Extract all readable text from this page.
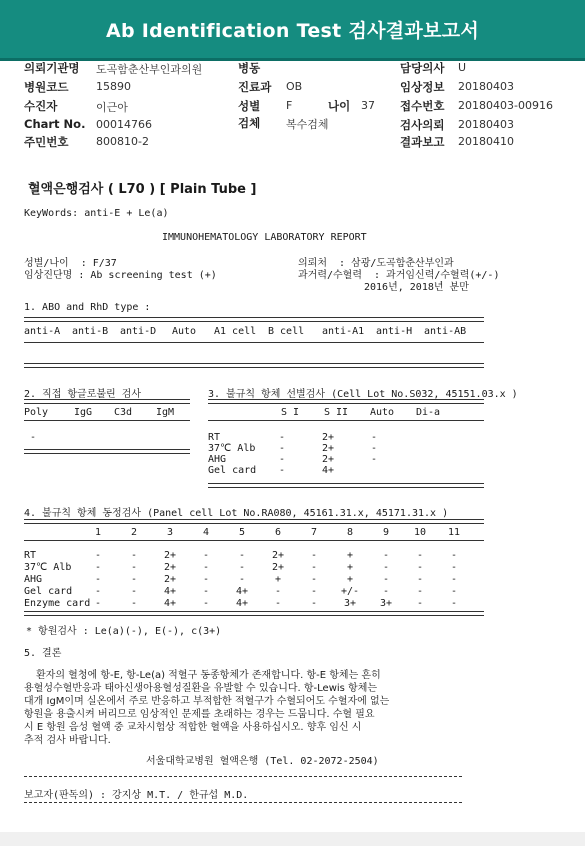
Ab Identification Test 검사결과보고서
의뢰기관명 도곡함춘산부인과의원
병원코드	15890
수진자	이근아
Chart No. 00014766
주민번호	800810-2
병동
진료과 OB
성별 F	나이 37
검체 복수검체
담당의사 U
임상정보 20180403
접수번호 20180403-00916
검사의뢰 20180403
결과보고 20180410
혈액은행검사 ( L70 ) [ Plain Tube ]
KeyWords: anti-E + Le(a)
IMMUNOHEMATOLOGY LABORATORY REPORT
성별/나이  : F/37
임상진단명 : Ab screening test (+)
의뢰처  : 삼광/도곡함춘산부인과
과거력/수혈력  : 과거임신력/수혈력(+/-)
2016년, 2018년 분만
1. ABO and RhD type :
anti-A anti-B anti-D Auto A1 cell B cell anti-A1 anti-H anti-AB
2. 직접 항글로불린 검사
Poly	IgG C3d IgM
-
3. 불규칙 항체 선별검사 (Cell Lot No.S032, 45151.03.x )
S I	S II	Auto	Di-a
RT	-	2+	-
37℃ Alb	-	2+	-
AHG	-	2+	-
Gel card	-	4+
4. 불규칙 항체 동정검사 (Panel cell Lot No.RA080, 45161.31.x, 45171.31.x )
1	2	3	4	5	6	7	8	9	10	11
RT	-	-	2+	-	-	2+	-	+	-	-	-
37℃ Alb	-	-	2+	-	-	2+	-	+	-	-	-
AHG	-	-	2+	-	-	+	-	+	-	-	-
Gel card	-	-	4+	-	4+	-	-	+/-	-	-	-
Enzyme card -	-	4+	-	4+	-	-	3+	3+	-	-
* 항원검사 : Le(a)(-), E(-), c(3+)
5. 결론
환자의 혈청에 항-E, 항-Le(a) 적혈구 동종항체가 존재합니다. 항-E 항체는 흔히
용혈성수혈반응과 태아신생아용혈성질환을 유발할 수 있습니다. 항-Lewis 항체는
대개 IgM이며 실온에서 주로 반응하고 부적합한 적혈구가 수혈되어도 수혈자에 없는
항원을 용출시켜 버리므로 임상적인 문제를 초래하는 경우는 드뭅니다. 수혈 필요
시 E 항원 음성 혈액 중 교차시험상 적합한 혈액을 사용하십시오. 향후 임신 시
추적 검사 바랍니다.
서울대학교병원 혈액은행 (Tel. 02-2072-2504)
보고자(판독의) : 강지상 M.T. / 한규섭 M.D.
